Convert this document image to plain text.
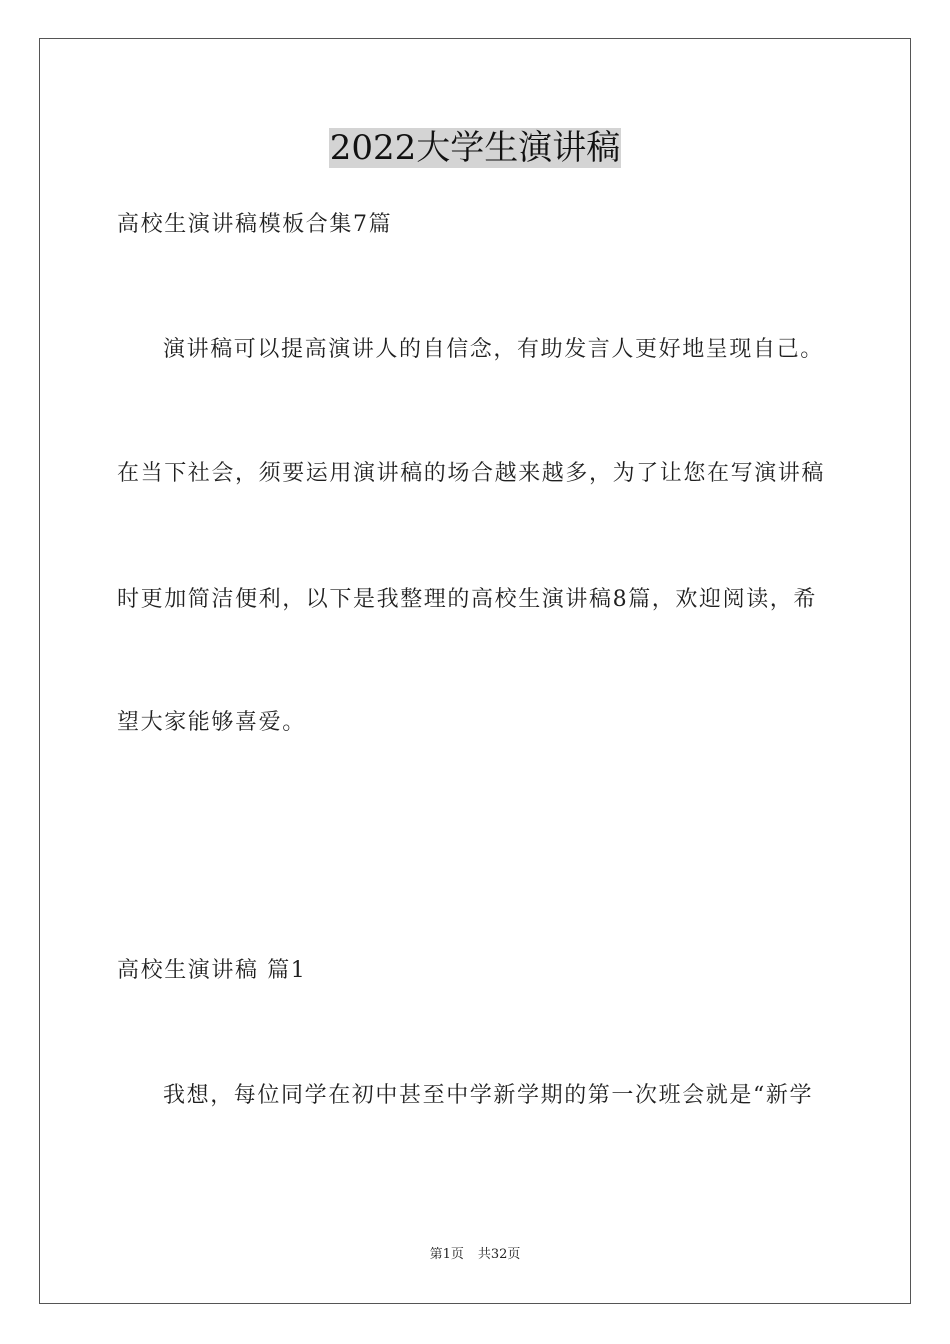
2022大学生演讲稿
高校生演讲稿模板合集7篇
演讲稿可以提高演讲人的自信念，有助发言人更好地呈现自己。
在当下社会，须要运用演讲稿的场合越来越多，为了让您在写演讲稿
时更加简洁便利，以下是我整理的高校生演讲稿8篇，欢迎阅读，希
望大家能够喜爱。
高校生演讲稿 篇1
我想，每位同学在初中甚至中学新学期的第一次班会就是“新学
第1页 共32页
